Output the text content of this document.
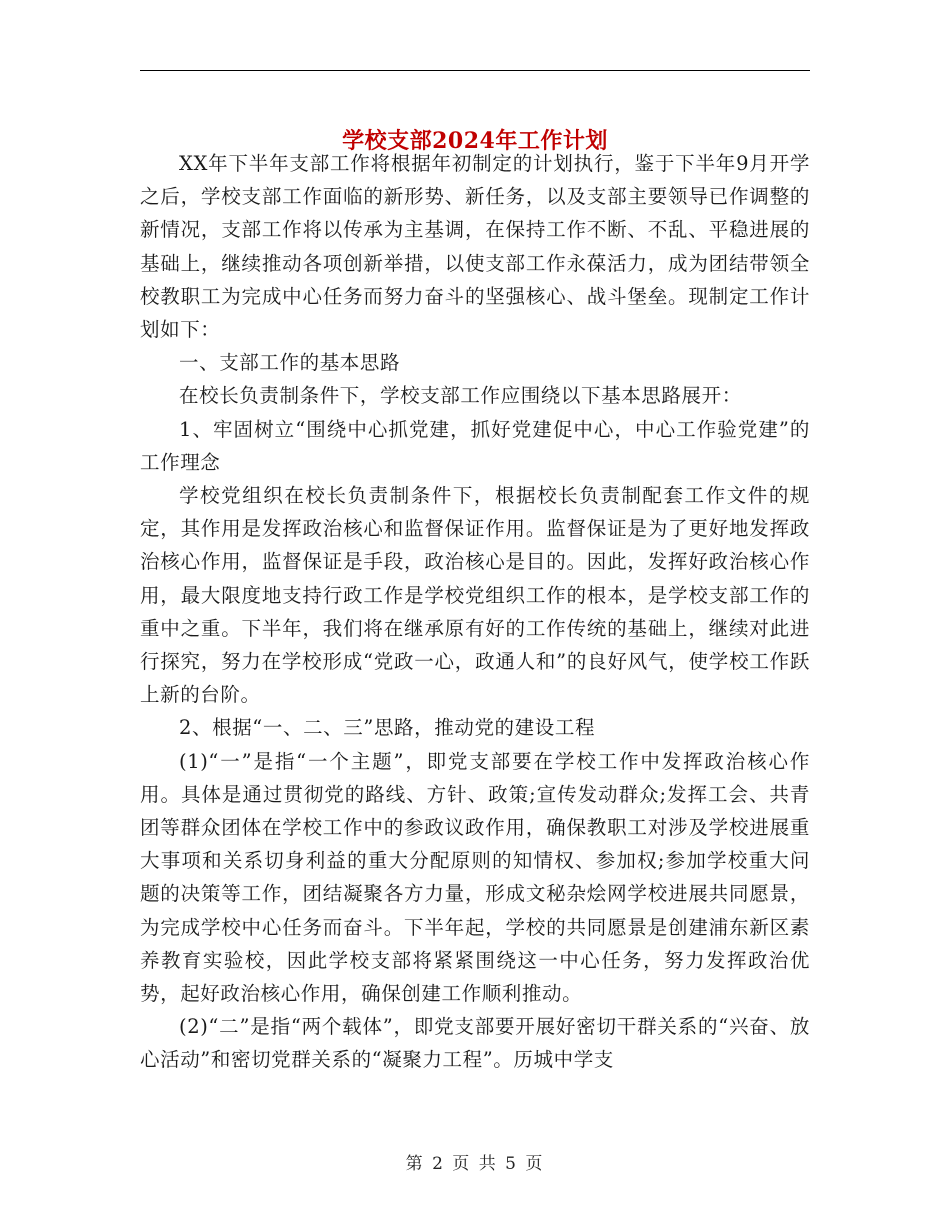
学校支部2024年工作计划

XX年下半年支部工作将根据年初制定的计划执行，鉴于下半年9月开学之后，学校支部工作面临的新形势、新任务，以及支部主要领导已作调整的新情况，支部工作将以传承为主基调，在保持工作不断、不乱、平稳进展的基础上，继续推动各项创新举措，以使支部工作永葆活力，成为团结带领全校教职工为完成中心任务而努力奋斗的坚强核心、战斗堡垒。现制定工作计划如下：

一、支部工作的基本思路

在校长负责制条件下，学校支部工作应围绕以下基本思路展开：

1、牢固树立“围绕中心抓党建，抓好党建促中心，中心工作验党建”的工作理念

学校党组织在校长负责制条件下，根据校长负责制配套工作文件的规定，其作用是发挥政治核心和监督保证作用。监督保证是为了更好地发挥政治核心作用，监督保证是手段，政治核心是目的。因此，发挥好政治核心作用，最大限度地支持行政工作是学校党组织工作的根本，是学校支部工作的重中之重。下半年，我们将在继承原有好的工作传统的基础上，继续对此进行探究，努力在学校形成“党政一心，政通人和”的良好风气，使学校工作跃上新的台阶。

2、根据“一、二、三”思路，推动党的建设工程

(1)“一”是指“一个主题”，即党支部要在学校工作中发挥政治核心作用。具体是通过贯彻党的路线、方针、政策;宣传发动群众;发挥工会、共青团等群众团体在学校工作中的参政议政作用，确保教职工对涉及学校进展重大事项和关系切身利益的重大分配原则的知情权、参加权;参加学校重大问题的决策等工作，团结凝聚各方力量，形成文秘杂烩网学校进展共同愿景，为完成学校中心任务而奋斗。下半年起，学校的共同愿景是创建浦东新区素养教育实验校，因此学校支部将紧紧围绕这一中心任务，努力发挥政治优势，起好政治核心作用，确保创建工作顺利推动。

(2)“二”是指“两个载体”，即党支部要开展好密切干群关系的“兴奋、放心活动”和密切党群关系的“凝聚力工程”。历城中学支

第 2 页 共 5 页
